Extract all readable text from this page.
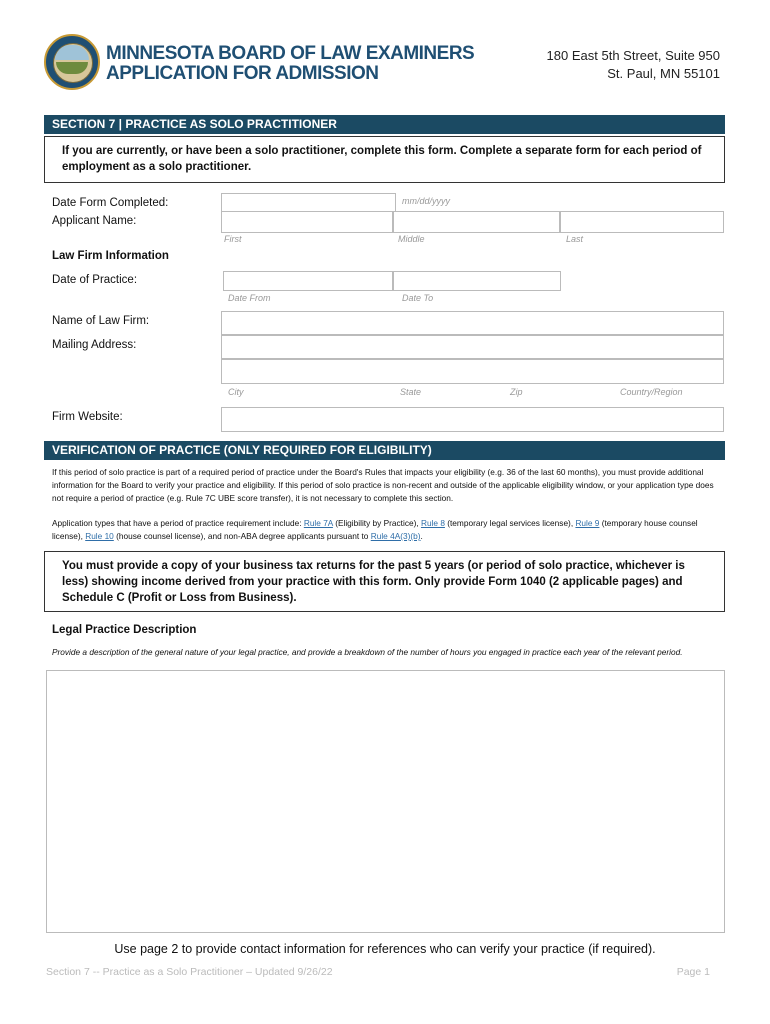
MINNESOTA BOARD OF LAW EXAMINERS
APPLICATION FOR ADMISSION
180 East 5th Street, Suite 950
St. Paul, MN 55101
SECTION 7 | PRACTICE AS SOLO PRACTITIONER
If you are currently, or have been a solo practitioner, complete this form. Complete a separate form for each period of employment as a solo practitioner.
Date Form Completed:	mm/dd/yyyy
Applicant Name:
First	Middle	Last
Law Firm Information
Date of Practice:
Date From	Date To
Name of Law Firm:
Mailing Address:
City	State	Zip	Country/Region
Firm Website:
VERIFICATION OF PRACTICE (ONLY REQUIRED FOR ELIGIBILITY)
If this period of solo practice is part of a required period of practice under the Board's Rules that impacts your eligibility (e.g. 36 of the last 60 months), you must provide additional information for the Board to verify your practice and eligibility. If this period of solo practice is non-recent and outside of the applicable eligibility window, or your application type does not require a period of practice (e.g. Rule 7C UBE score transfer), it is not necessary to complete this section.
Application types that have a period of practice requirement include: Rule 7A (Eligibility by Practice), Rule 8 (temporary legal services license), Rule 9 (temporary house counsel license), Rule 10 (house counsel license), and non-ABA degree applicants pursuant to Rule 4A(3)(b).
You must provide a copy of your business tax returns for the past 5 years (or period of solo practice, whichever is less) showing income derived from your practice with this form. Only provide Form 1040 (2 applicable pages) and Schedule C (Profit or Loss from Business).
Legal Practice Description
Provide a description of the general nature of your legal practice, and provide a breakdown of the number of hours you engaged in practice each year of the relevant period.
Use page 2 to provide contact information for references who can verify your practice (if required).
Section 7 -- Practice as a Solo Practitioner – Updated 9/26/22	Page 1
